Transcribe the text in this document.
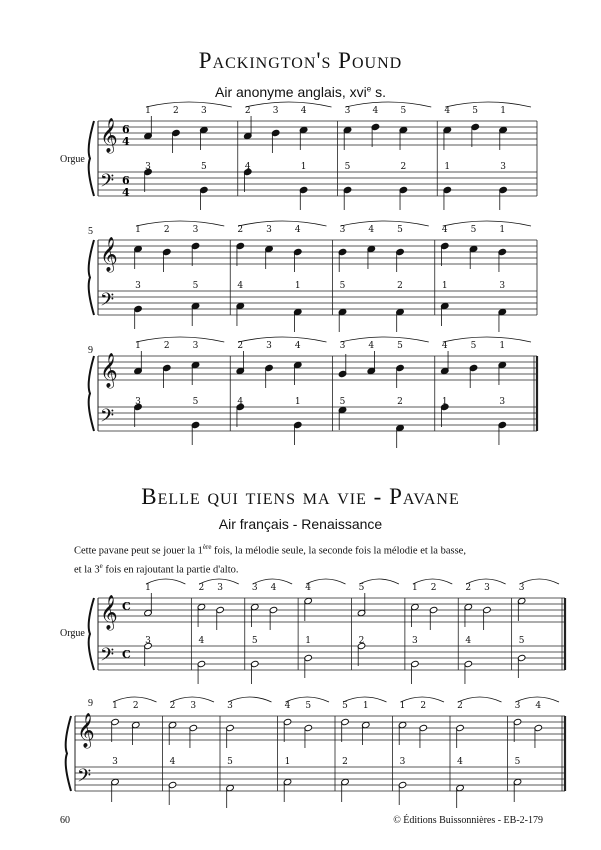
Packington's Pound
Air anonyme anglais, xvi$^e$ s.
Belle qui tiens ma vie - Pavane
Air français - Renaissance
Cette pavane peut se jouer la 1ère fois, la mélodie seule, la seconde fois la mélodie et la basse,
et la 3e fois en rajoutant la partie d'alto.
Orgue
Orgue
5
9
9
𝄞
𝄢
6
4
6
4
1
3
2 3
5
2
4
3 4
1
3
5
4 5
2
4
1
5 1
3
𝄞
𝄢
1
3
2	3
5
2
4
3	4
1
3
5
4	5
2
4
1
5	1
3
𝄞
𝄢
1
3
2	3
5
2
4
3	4
1
3
5
4	5
2
4
1
5	1
3
𝄞
𝄢
C
C
1
3
2
4
3	3
5
4	4
1
5
2
1
3
2	2
4
3	3
5
𝄞
𝄢
1
3
2	2
4
3	3
5
4
1
5	5
2
1	1
3
2	2
4
3
5
4
60	© Éditions Buissonnières - EB-2-179
